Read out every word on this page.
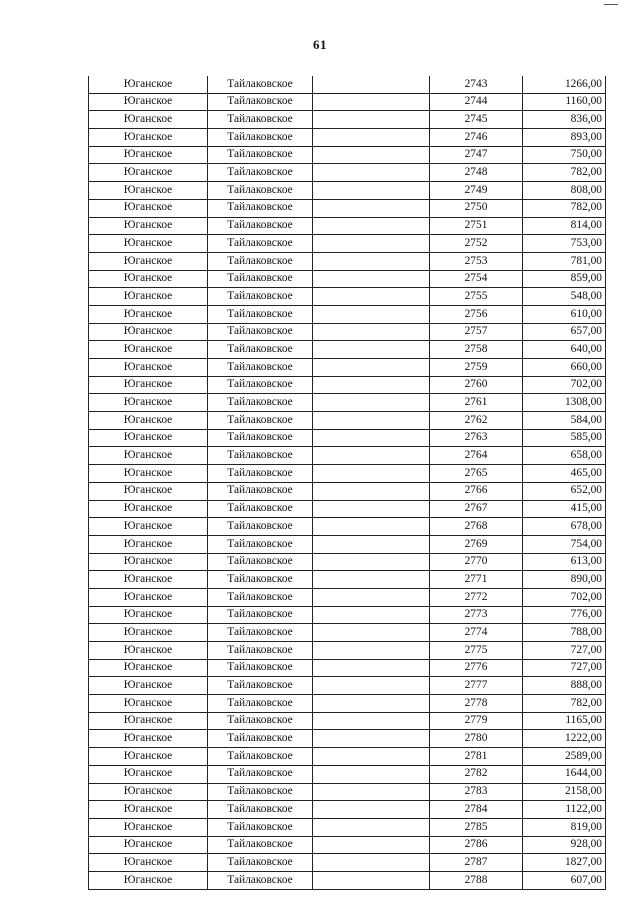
61
Юганское	Тайлаковское		2743	1266,00
Юганское	Тайлаковское		2744	1160,00
Юганское	Тайлаковское		2745	836,00
Юганское	Тайлаковское		2746	893,00
Юганское	Тайлаковское		2747	750,00
Юганское	Тайлаковское		2748	782,00
Юганское	Тайлаковское		2749	808,00
Юганское	Тайлаковское		2750	782,00
Юганское	Тайлаковское		2751	814,00
Юганское	Тайлаковское		2752	753,00
Юганское	Тайлаковское		2753	781,00
Юганское	Тайлаковское		2754	859,00
Юганское	Тайлаковское		2755	548,00
Юганское	Тайлаковское		2756	610,00
Юганское	Тайлаковское		2757	657,00
Юганское	Тайлаковское		2758	640,00
Юганское	Тайлаковское		2759	660,00
Юганское	Тайлаковское		2760	702,00
Юганское	Тайлаковское		2761	1308,00
Юганское	Тайлаковское		2762	584,00
Юганское	Тайлаковское		2763	585,00
Юганское	Тайлаковское		2764	658,00
Юганское	Тайлаковское		2765	465,00
Юганское	Тайлаковское		2766	652,00
Юганское	Тайлаковское		2767	415,00
Юганское	Тайлаковское		2768	678,00
Юганское	Тайлаковское		2769	754,00
Юганское	Тайлаковское		2770	613,00
Юганское	Тайлаковское		2771	890,00
Юганское	Тайлаковское		2772	702,00
Юганское	Тайлаковское		2773	776,00
Юганское	Тайлаковское		2774	788,00
Юганское	Тайлаковское		2775	727,00
Юганское	Тайлаковское		2776	727,00
Юганское	Тайлаковское		2777	888,00
Юганское	Тайлаковское		2778	782,00
Юганское	Тайлаковское		2779	1165,00
Юганское	Тайлаковское		2780	1222,00
Юганское	Тайлаковское		2781	2589,00
Юганское	Тайлаковское		2782	1644,00
Юганское	Тайлаковское		2783	2158,00
Юганское	Тайлаковское		2784	1122,00
Юганское	Тайлаковское		2785	819,00
Юганское	Тайлаковское		2786	928,00
Юганское	Тайлаковское		2787	1827,00
Юганское	Тайлаковское		2788	607,00
